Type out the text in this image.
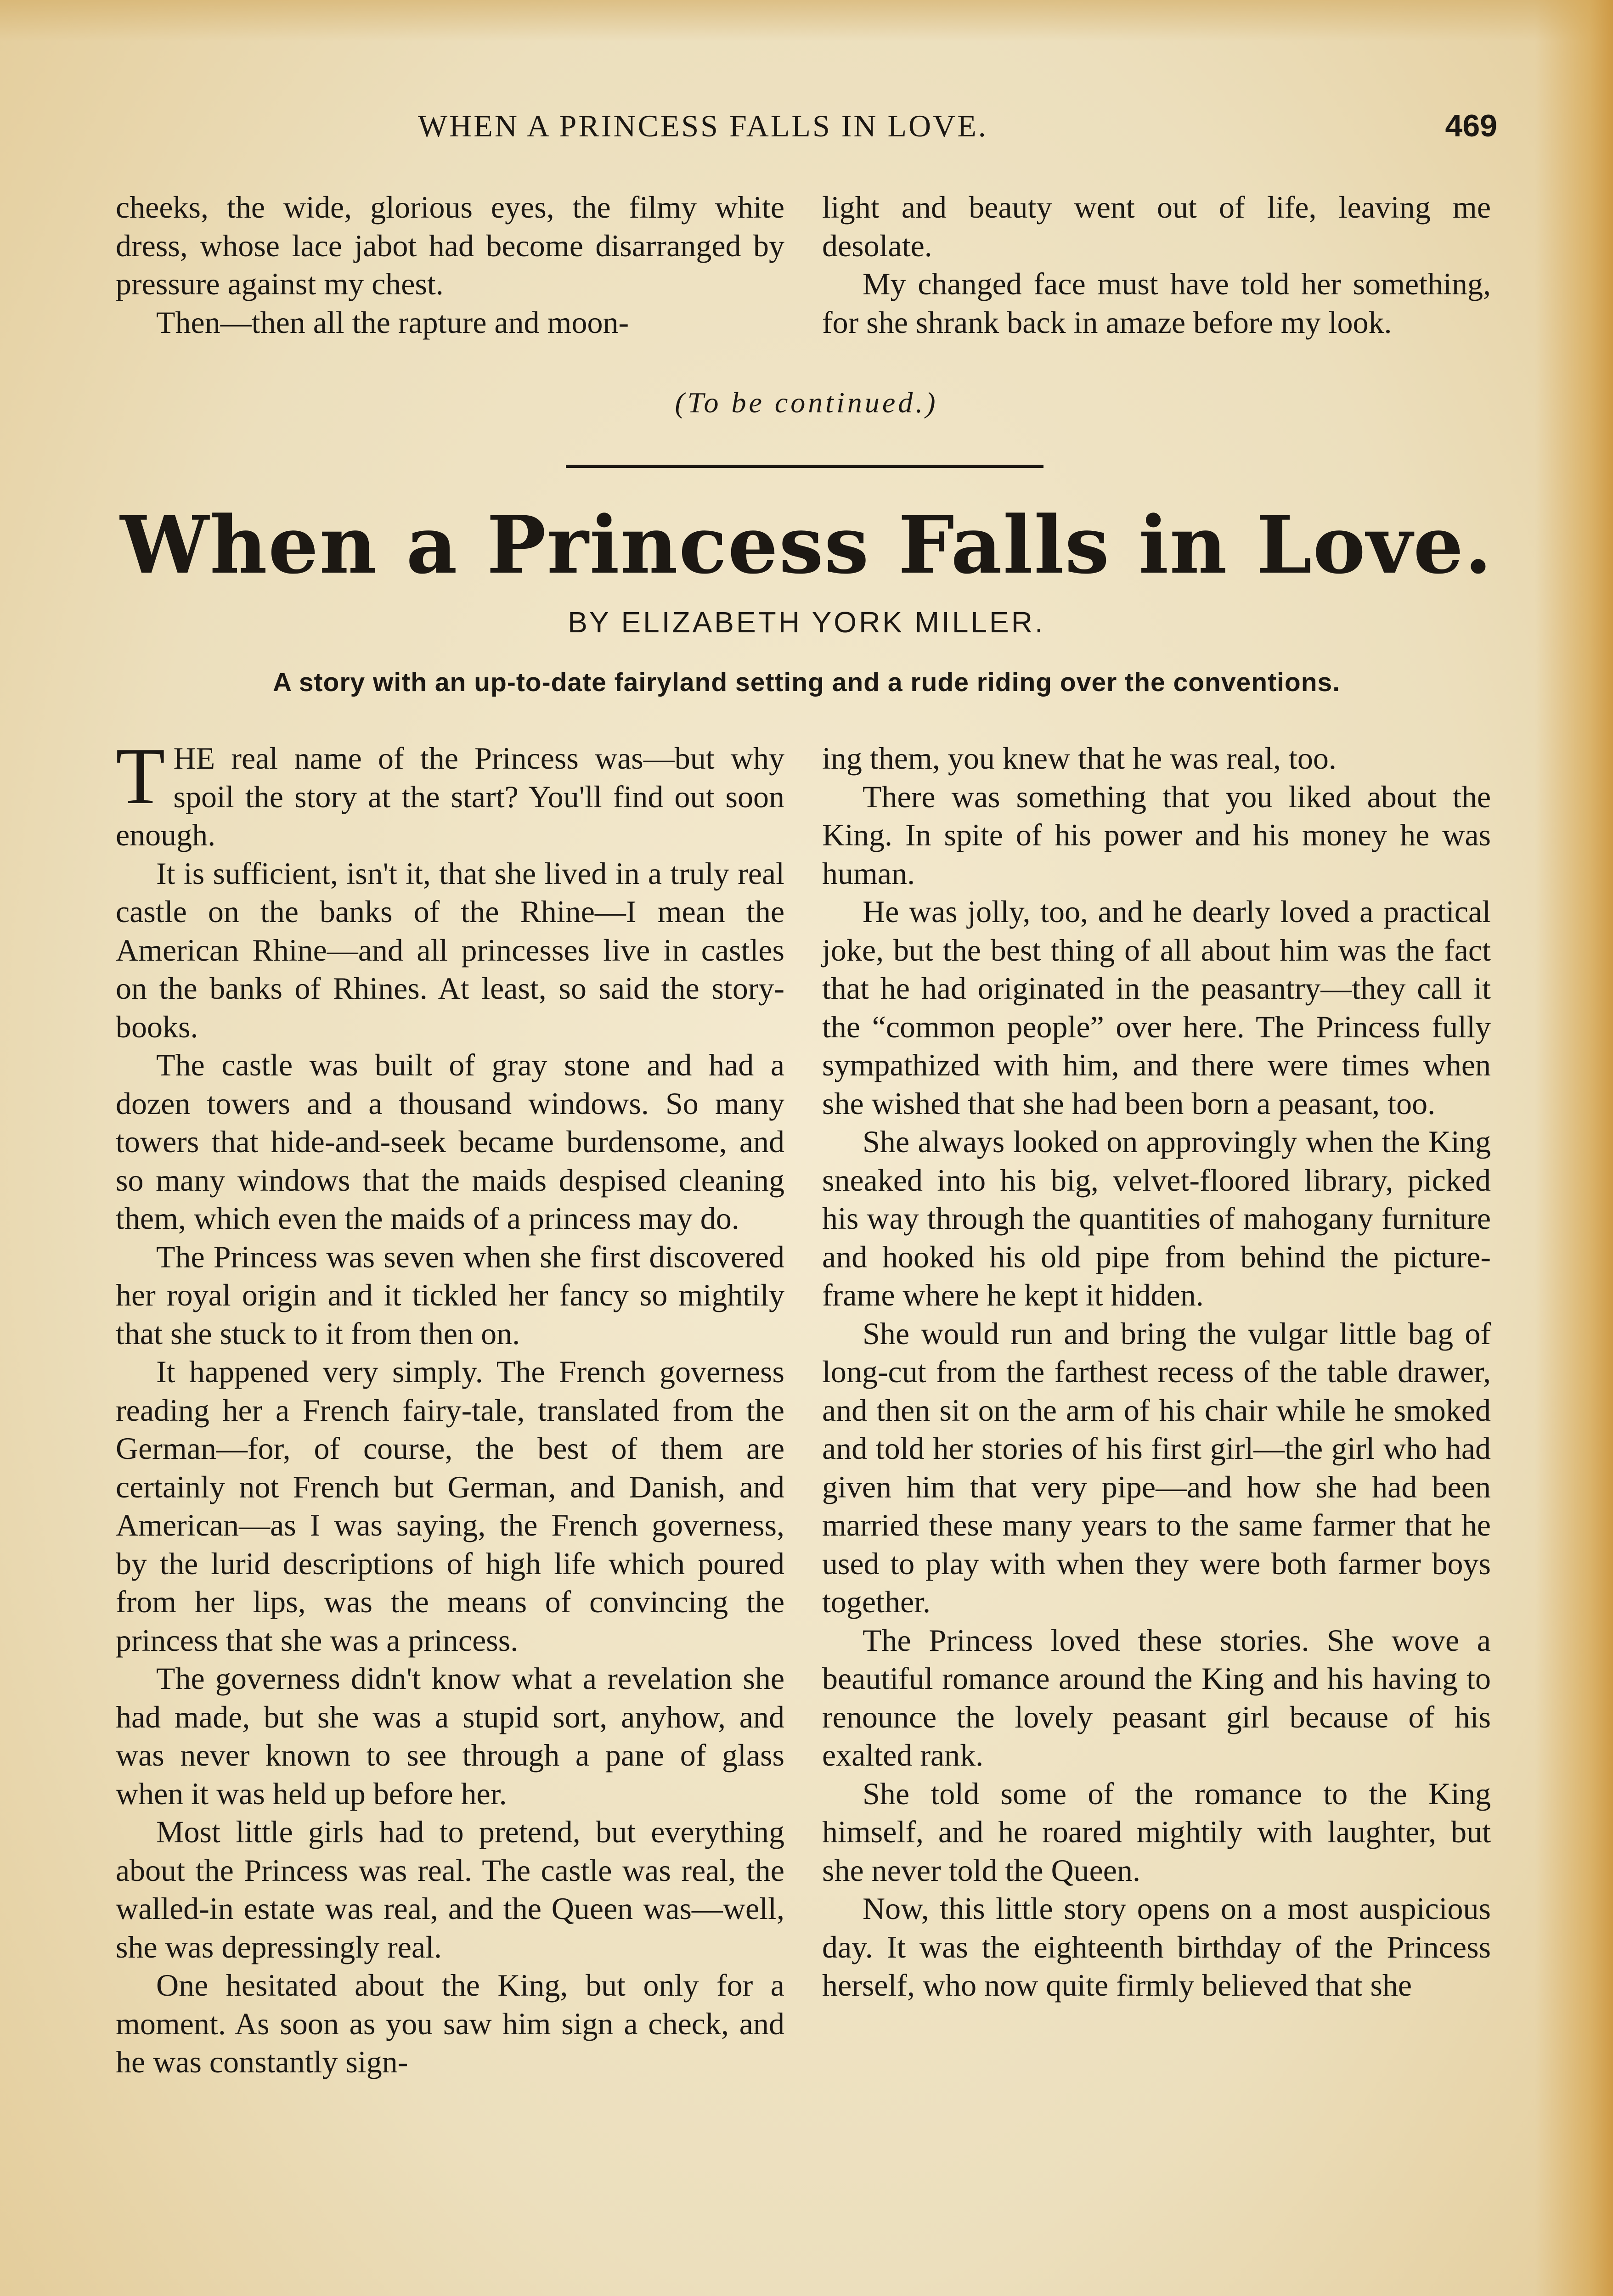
WHEN A PRINCESS FALLS IN LOVE.	469

cheeks, the wide, glorious eyes, the filmy white dress, whose lace jabot had become disarranged by pressure against my chest.

Then—then all the rapture and moon-

light and beauty went out of life, leaving me desolate.

My changed face must have told her something, for she shrank back in amaze before my look.

(To be continued.)
When a Princess Falls in Love.
BY ELIZABETH YORK MILLER.
A story with an up-to-date fairyland setting and a rude riding over the conventions.

THE real name of the Princess was—but why spoil the story at the start? You'll find out soon enough.

It is sufficient, isn't it, that she lived in a truly real castle on the banks of the Rhine—I mean the American Rhine—and all princesses live in castles on the banks of Rhines. At least, so said the story-books.

The castle was built of gray stone and had a dozen towers and a thousand windows. So many towers that hide-and-seek became burdensome, and so many windows that the maids despised cleaning them, which even the maids of a princess may do.

The Princess was seven when she first discovered her royal origin and it tickled her fancy so mightily that she stuck to it from then on.

It happened very simply. The French governess reading her a French fairy-tale, translated from the German—for, of course, the best of them are certainly not French but German, and Danish, and American—as I was saying, the French governess, by the lurid descriptions of high life which poured from her lips, was the means of convincing the princess that she was a princess.

The governess didn't know what a revelation she had made, but she was a stupid sort, anyhow, and was never known to see through a pane of glass when it was held up before her.

Most little girls had to pretend, but everything about the Princess was real. The castle was real, the walled-in estate was real, and the Queen was—well, she was depressingly real.

One hesitated about the King, but only for a moment. As soon as you saw him sign a check, and he was constantly sign-

ing them, you knew that he was real, too.

There was something that you liked about the King. In spite of his power and his money he was human.

He was jolly, too, and he dearly loved a practical joke, but the best thing of all about him was the fact that he had originated in the peasantry—they call it the “common people” over here. The Princess fully sympathized with him, and there were times when she wished that she had been born a peasant, too.

She always looked on approvingly when the King sneaked into his big, velvet-floored library, picked his way through the quantities of mahogany furniture and hooked his old pipe from behind the picture-frame where he kept it hidden.

She would run and bring the vulgar little bag of long-cut from the farthest recess of the table drawer, and then sit on the arm of his chair while he smoked and told her stories of his first girl—the girl who had given him that very pipe—and how she had been married these many years to the same farmer that he used to play with when they were both farmer boys together.

The Princess loved these stories. She wove a beautiful romance around the King and his having to renounce the lovely peasant girl because of his exalted rank.

She told some of the romance to the King himself, and he roared mightily with laughter, but she never told the Queen.

Now, this little story opens on a most auspicious day. It was the eighteenth birthday of the Princess herself, who now quite firmly believed that she
